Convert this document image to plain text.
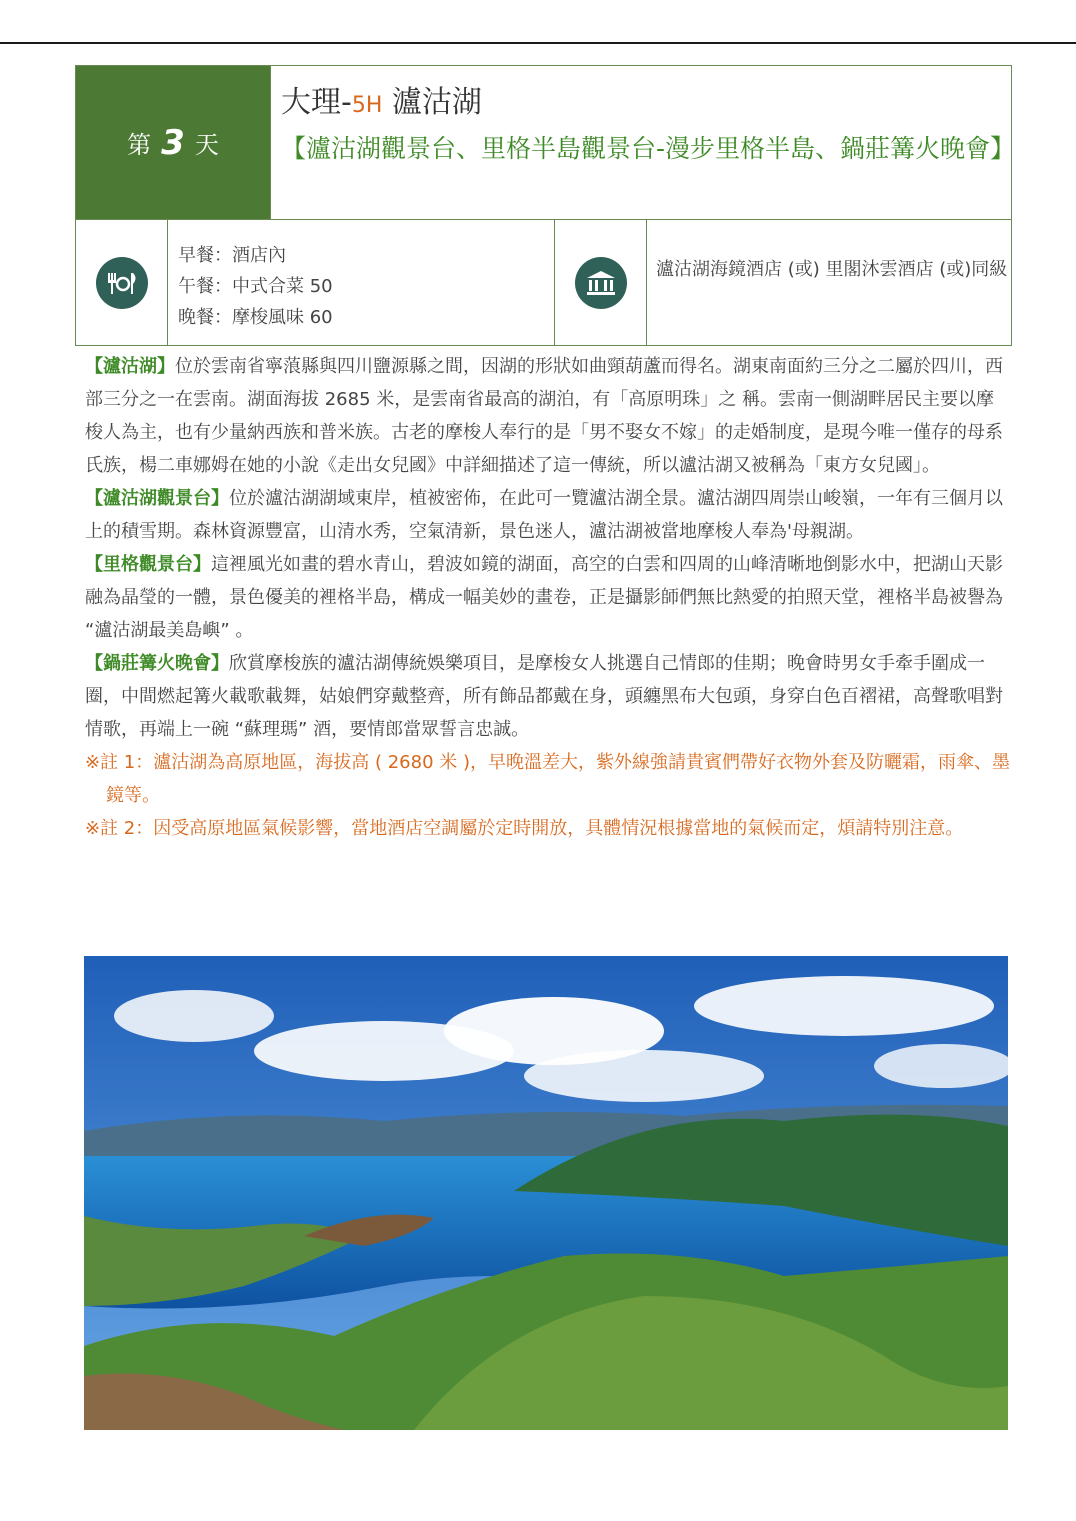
第 3 天
大理-5H 瀘沽湖
【瀘沽湖觀景台、里格半島觀景台-漫步里格半島、鍋莊篝火晚會】
早餐：酒店內
午餐：中式合菜 50
晚餐：摩梭風味 60
瀘沽湖海鏡酒店 (或) 里閣沐雲酒店 (或)同級

【瀘沽湖】位於雲南省寧蒗縣與四川鹽源縣之間，因湖的形狀如曲頸葫蘆而得名。湖東南面約三分之二屬於四川，西部三分之一在雲南。湖面海拔 2685 米，是雲南省最高的湖泊，有「高原明珠」之 稱。雲南一側湖畔居民主要以摩梭人為主，也有少量納西族和普米族。古老的摩梭人奉行的是「男不娶女不嫁」的走婚制度，是現今唯一僅存的母系氏族，楊二車娜姆在她的小說《走出女兒國》中詳細描述了這一傳統，所以瀘沽湖又被稱為「東方女兒國」。

【瀘沽湖觀景台】位於瀘沽湖湖域東岸，植被密佈，在此可一覽瀘沽湖全景。瀘沽湖四周崇山峻嶺，一年有三個月以上的積雪期。森林資源豐富，山清水秀，空氣清新，景色迷人，瀘沽湖被當地摩梭人奉為'母親湖。

【里格觀景台】這裡風光如畫的碧水青山，碧波如鏡的湖面，高空的白雲和四周的山峰清晰地倒影水中，把湖山天影融為晶瑩的一體，景色優美的裡格半島，構成一幅美妙的畫卷，正是攝影師們無比熱愛的拍照天堂，裡格半島被譽為 “瀘沽湖最美島嶼” 。

【鍋莊篝火晚會】欣賞摩梭族的瀘沽湖傳統娛樂項目，是摩梭女人挑選自己情郎的佳期；晚會時男女手牽手圍成一圈，中間燃起篝火載歌載舞，姑娘們穿戴整齊，所有飾品都戴在身，頭纏黑布大包頭，身穿白色百褶裙，高聲歌唱對情歌，再端上一碗 “蘇理瑪” 酒，要情郎當眾誓言忠誠。

※註 1：瀘沽湖為高原地區，海拔高 ( 2680 米 )，早晚溫差大，紫外線強請貴賓們帶好衣物外套及防曬霜，雨傘、墨鏡等。

※註 2：因受高原地區氣候影響，當地酒店空調屬於定時開放，具體情況根據當地的氣候而定，煩請特別注意。
